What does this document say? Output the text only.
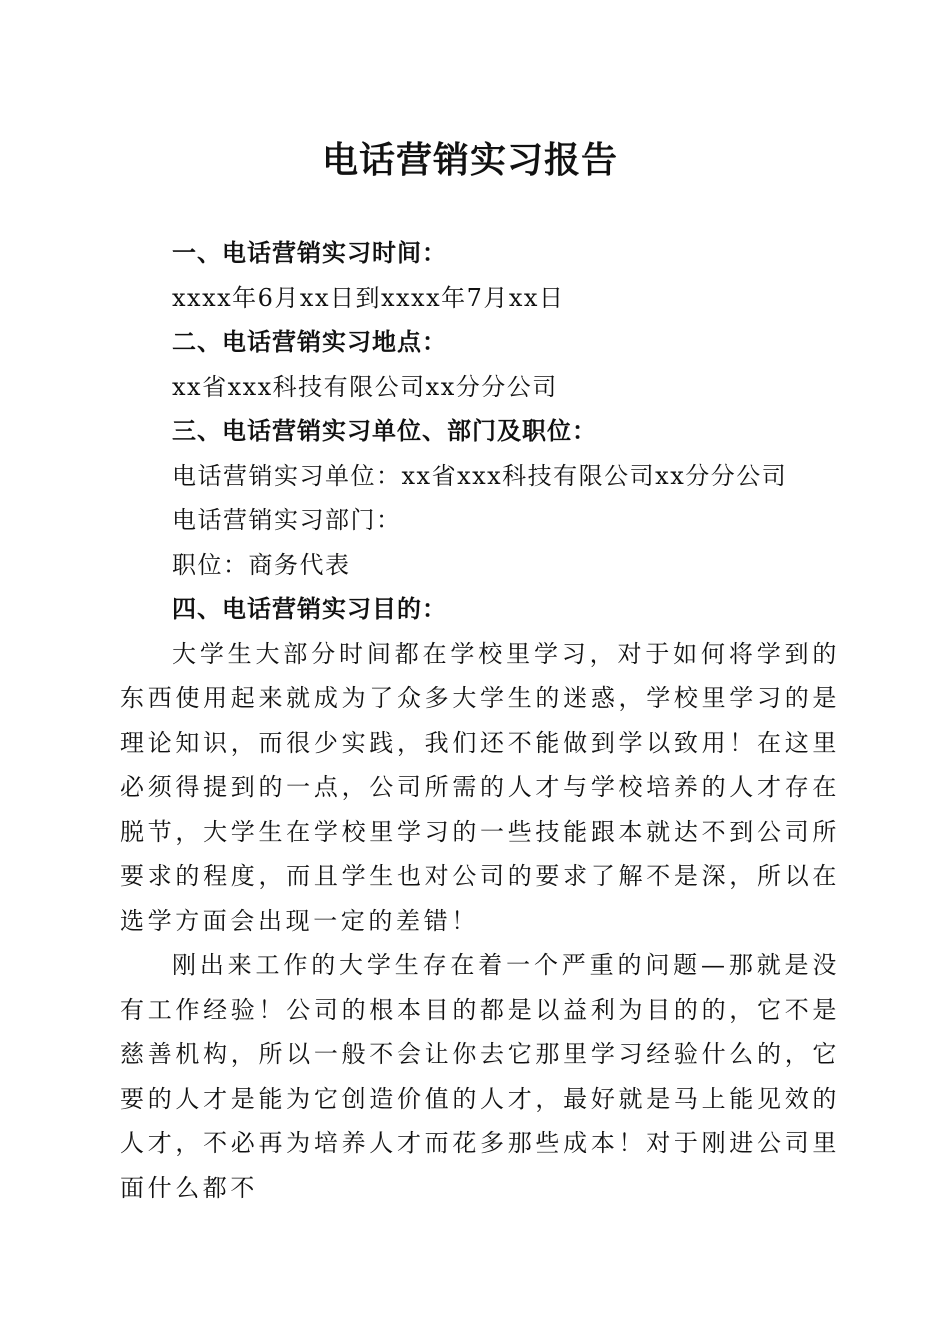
电话营销实习报告
一、电话营销实习时间：
xxxx年6月xx日到xxxx年7月xx日
二、电话营销实习地点：
xx省xxx科技有限公司xx分分公司
三、电话营销实习单位、部门及职位：
电话营销实习单位：xx省xxx科技有限公司xx分分公司
电话营销实习部门：
职位：商务代表
四、电话营销实习目的：

大学生大部分时间都在学校里学习，对于如何将学到的东西使用起来就成为了众多大学生的迷惑，学校里学习的是理论知识，而很少实践，我们还不能做到学以致用！在这里必须得提到的一点，公司所需的人才与学校培养的人才存在脱节，大学生在学校里学习的一些技能跟本就达不到公司所要求的程度，而且学生也对公司的要求了解不是深，所以在选学方面会出现一定的差错！

刚出来工作的大学生存在着一个严重的问题—那就是没有工作经验！公司的根本目的都是以益利为目的的，它不是慈善机构，所以一般不会让你去它那里学习经验什么的，它要的人才是能为它创造价值的人才，最好就是马上能见效的人才，不必再为培养人才而花多那些成本！对于刚进公司里面什么都不
